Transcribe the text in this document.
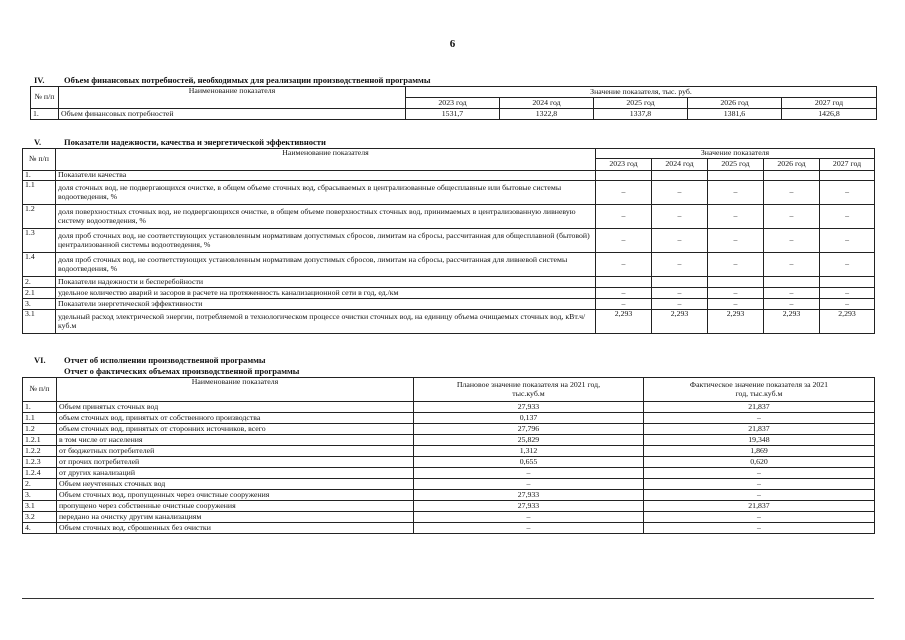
6
IV. Объем финансовых потребностей, необходимых для реализации производственной программы
№ п/п	Наименование показателя	Значение показателя, тыс. руб.				
		2023 год	2024 год	2025 год	2026 год	2027 год
1.	Объем финансовых потребностей	1531,7	1322,8	1337,8	1381,6	1426,8
V.	Показатели надежности, качества и энергетической эффективности
№ п/п	Наименование показателя	Значение показателя				
		2023 год	2024 год	2025 год	2026 год	2027 год
1.	Показатели качества					
1.1	доля сточных вод, не подвергающихся очистке, в общем объеме сточных вод, сбрасываемых в централизованные общесплавные или бытовые системы водоотведения, %	–	–	–	–	–
1.2	доля поверхностных сточных вод, не подвергающихся очистке, в общем объеме поверхностных сточных вод, принимаемых в централизованную ливневую систему водоотведения, %	–	–	–	–	–
1.3	доля проб сточных вод, не соответствующих установленным нормативам допустимых сбросов, лимитам на сбросы, рассчитанная для общесплавной (бытовой) централизованной системы водоотведения, %	–	–	–	–	–
1.4	доля проб сточных вод, не соответствующих установленным нормативам допустимых сбросов, лимитам на сбросы, рассчитанная для ливневой системы водоотведения, %	–	–	–	–	–
2.	Показатели надежности и бесперебойности					
2.1	удельное количество аварий и засоров в расчете на протяженность канализационной сети в год, ед./км	–	–	–	–	–
3.	Показатели энергетической эффективности	–	–	–	–	–
3.1	удельный расход электрической энергии, потребляемой в технологическом процессе очистки сточных вод, на единицу объема очищаемых сточных вод, кВт.ч/куб.м	2,293	2,293	2,293	2,293	2,293
VI. Отчет об исполнении производственной программы
Отчет о фактических объемах производственной программы
№ п/п	Наименование показателя	Плановое значение показателя на 2021 год, тыс.куб.м	Фактическое значение показателя за 2021 год, тыс.куб.м
1.	Объем принятых сточных вод	27,933	21,837
1.1	объем сточных вод, принятых от собственного производства	0,137	–
1.2	объем сточных вод, принятых от сторонних источников, всего	27,796	21,837
1.2.1	в том числе от населения	25,829	19,348
1.2.2	от бюджетных потребителей	1,312	1,869
1.2.3	от прочих потребителей	0,655	0,620
1.2.4	от других канализаций	–	–
2.	Объем неучтенных сточных вод	–	–
3.	Объем сточных вод, пропущенных через очистные сооружения	27,933	–
3.1	пропущено через собственные очистные сооружения	27,933	21,837
3.2	передано на очистку другим канализациям	–	–
4.	Объем сточных вод, сброшенных без очистки	–	–
